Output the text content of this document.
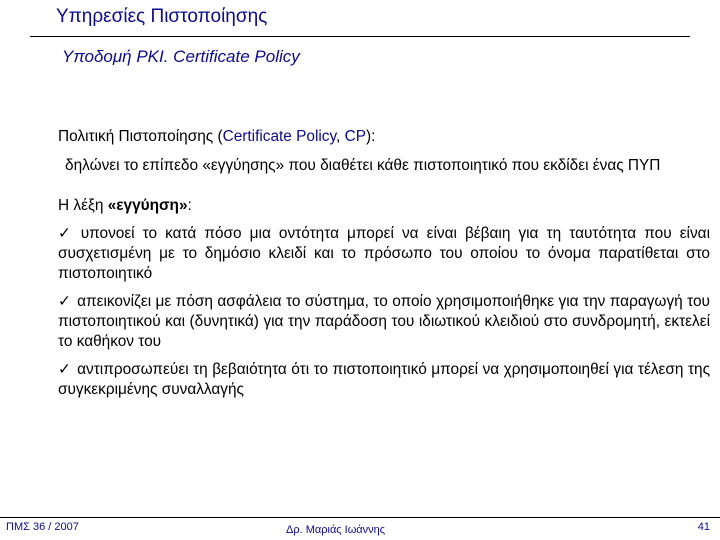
Υπηρεσίες Πιστοποίησης
Υποδομή PKI. Certificate Policy

Πολιτική Πιστοποίησης (Certificate Policy, CP):

δηλώνει το επίπεδο «εγγύησης» που διαθέτει κάθε πιστοποιητικό που εκδίδει ένας ΠΥΠ

Η λέξη «εγγύηση»:

✓ υπονοεί το κατά πόσο μια οντότητα μπορεί να είναι βέβαιη για τη ταυτότητα που είναι συσχετισμένη με το δημόσιο κλειδί και το πρόσωπο του οποίου το όνομα παρατίθεται στο πιστοποιητικό

✓ απεικονίζει με πόση ασφάλεια το σύστημα, το οποίο χρησιμοποιήθηκε για την παραγωγή του πιστοποιητικού και (δυνητικά) για την παράδοση του ιδιωτικού κλειδιού στο συνδρομητή, εκτελεί το καθήκον του

✓ αντιπροσωπεύει τη βεβαιότητα ότι το πιστοποιητικό μπορεί να χρησιμοποιηθεί για τέλεση της συγκεκριμένης συναλλαγής

ΠΜΣ 36 / 2007	Δρ. Μαριάς Ιωάννης	41
